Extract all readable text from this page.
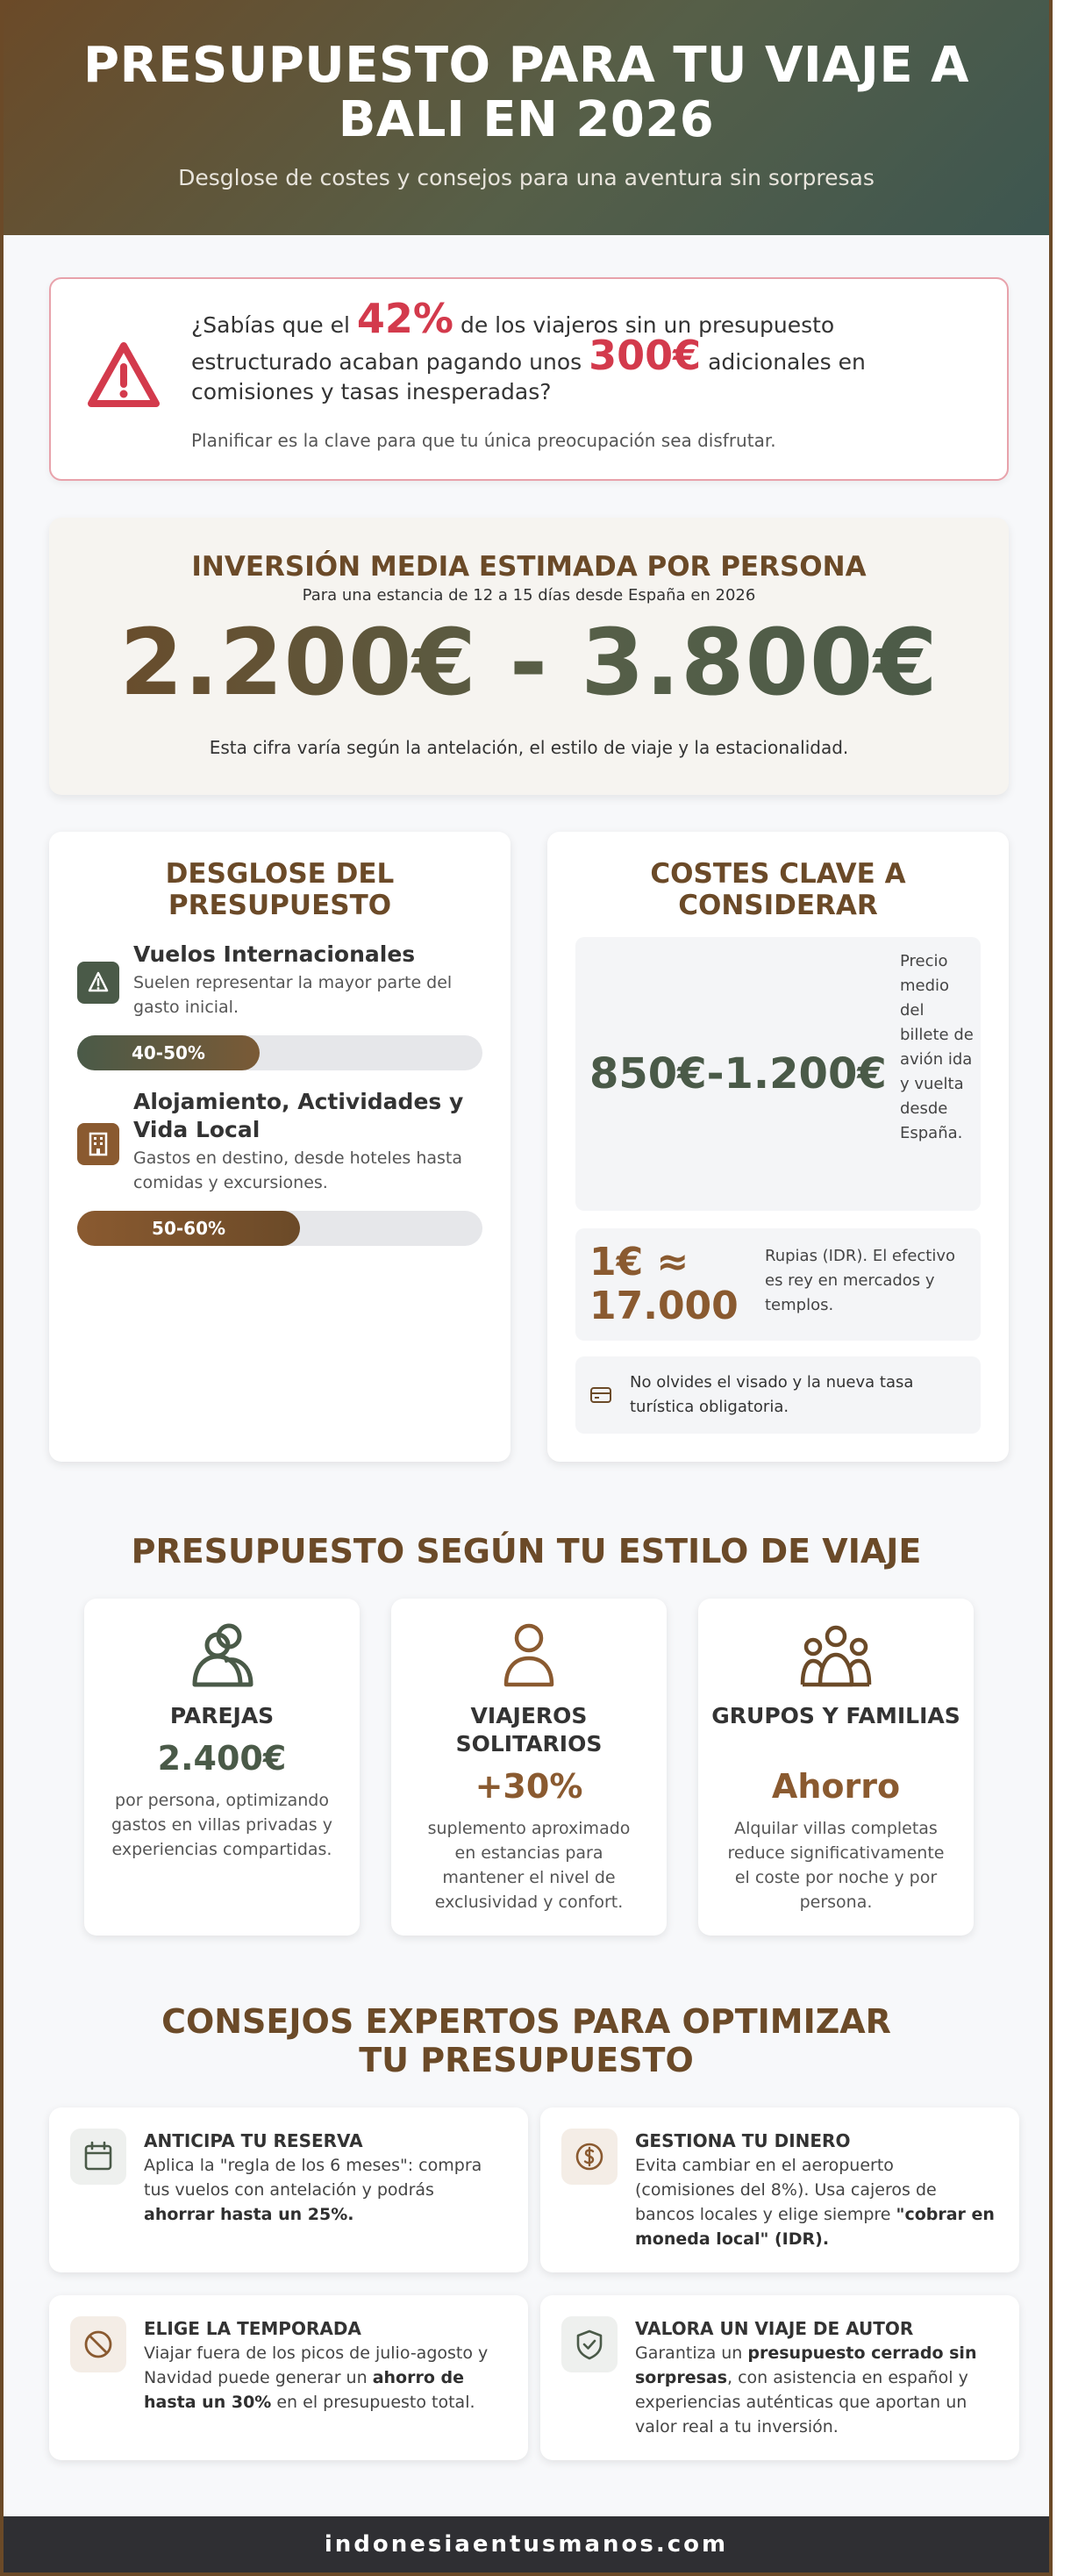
PRESUPUESTO PARA TU VIAJE A BALI EN 2026

Desglose de costes y consejos para una aventura sin sorpresas

¿Sabías que el 42% de los viajeros sin un presupuesto estructurado acaban pagando unos 300€ adicionales en comisiones y tasas inesperadas?
Planificar es la clave para que tu única preocupación sea disfrutar.
INVERSIÓN MEDIA ESTIMADA POR PERSONA
Para una estancia de 12 a 15 días desde España en 2026
2.200€ - 3.800€
Esta cifra varía según la antelación, el estilo de viaje y la estacionalidad.
DESGLOSE DEL PRESUPUESTO
Vuelos Internacionales
Suelen representar la mayor parte del gasto inicial.
40-50%
Alojamiento, Actividades y Vida Local
Gastos en destino, desde hoteles hasta comidas y excursiones.
50-60%
COSTES CLAVE A CONSIDERAR
850€-1.200€
Precio medio del billete de avión ida y vuelta desde España.
1€ ≈ 17.000
Rupias (IDR). El efectivo es rey en mercados y templos.
No olvides el visado y la nueva tasa turística obligatoria.
PRESUPUESTO SEGÚN TU ESTILO DE VIAJE
PAREJAS
2.400€
por persona, optimizando gastos en villas privadas y experiencias compartidas.
VIAJEROS SOLITARIOS
+30%
suplemento aproximado en estancias para mantener el nivel de exclusividad y confort.
GRUPOS Y FAMILIAS
Ahorro
Alquilar villas completas reduce significativamente el coste por noche y por persona.
CONSEJOS EXPERTOS PARA OPTIMIZAR TU PRESUPUESTO
ANTICIPA TU RESERVA
Aplica la "regla de los 6 meses": compra tus vuelos con antelación y podrás ahorrar hasta un 25%.
GESTIONA TU DINERO
Evita cambiar en el aeropuerto (comisiones del 8%). Usa cajeros de bancos locales y elige siempre "cobrar en moneda local" (IDR).
ELIGE LA TEMPORADA
Viajar fuera de los picos de julio-agosto y Navidad puede generar un ahorro de hasta un 30% en el presupuesto total.
VALORA UN VIAJE DE AUTOR
Garantiza un presupuesto cerrado sin sorpresas, con asistencia en español y experiencias auténticas que aportan un valor real a tu inversión.
indonesiaentusmanos.com
